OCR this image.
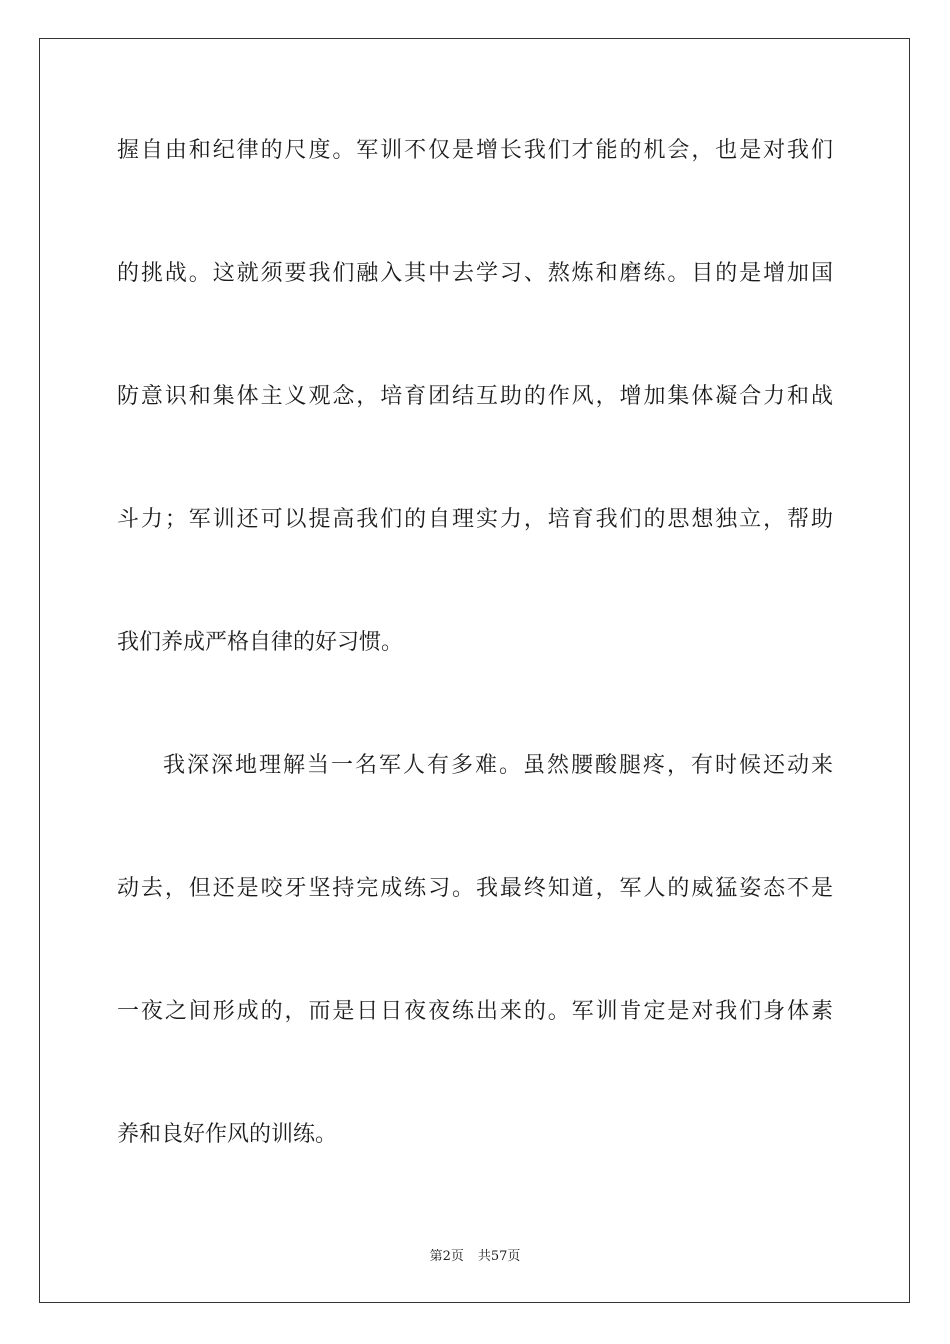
握自由和纪律的尺度。军训不仅是增长我们才能的机会，也是对我们
的挑战。这就须要我们融入其中去学习、熬炼和磨练。目的是增加国
防意识和集体主义观念，培育团结互助的作风，增加集体凝合力和战
斗力；军训还可以提高我们的自理实力，培育我们的思想独立，帮助
我们养成严格自律的好习惯。
我深深地理解当一名军人有多难。虽然腰酸腿疼，有时候还动来
动去，但还是咬牙坚持完成练习。我最终知道，军人的威猛姿态不是
一夜之间形成的，而是日日夜夜练出来的。军训肯定是对我们身体素
养和良好作风的训练。
第2页 共57页
